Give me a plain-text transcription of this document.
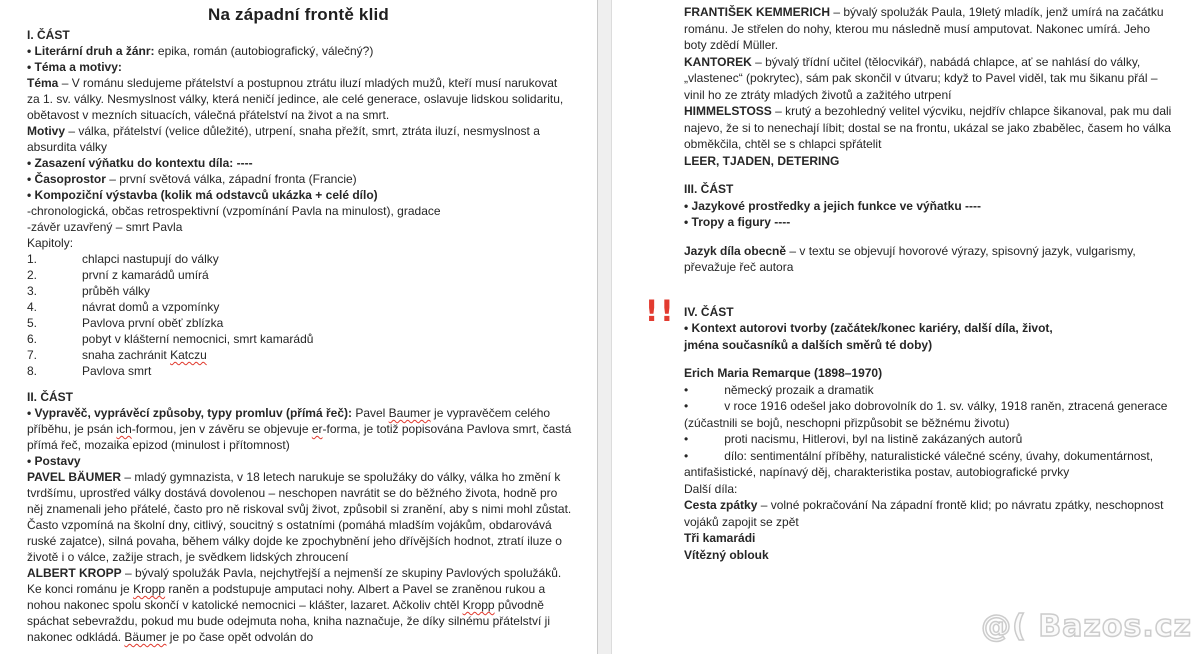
Na západní frontě klid
I. ČÁST
• Literární druh a žánr: epika, román (autobiografický, válečný?)
• Téma a motivy:
Téma – V románu sledujeme přátelství a postupnou ztrátu iluzí mladých mužů, kteří musí narukovat za 1. sv. války. Nesmyslnost války, která neničí jedince, ale celé generace, oslavuje lidskou solidaritu, obětavost v mezních situacích, válečná přátelství na život a na smrt.
Motivy – válka, přátelství (velice důležité), utrpení, snaha přežít, smrt, ztráta iluzí, nesmyslnost a absurdita války
• Zasazení výňatku do kontextu díla: ----
• Časoprostor – první světová válka, západní fronta (Francie)
• Kompoziční výstavba (kolik má odstavců ukázka + celé dílo)
-chronologická, občas retrospektivní (vzpomínání Pavla na minulost), gradace
-závěr uzavřený – smrt Pavla
Kapitoly:
1.	chlapci nastupují do války
2.	první z kamarádů umírá
3.	průběh války
4.	návrat domů a vzpomínky
5.	Pavlova první oběť zblízka
6.	pobyt v klášterní nemocnici, smrt kamarádů
7.	snaha zachránit Katczu
8.	Pavlova smrt
II. ČÁST
• Vypravěč, vyprávěcí způsoby, typy promluv (přímá řeč): Pavel Baumer je vypravěčem celého příběhu, je psán ich-formou, jen v závěru se objevuje er-forma, je totiž popisována Pavlova smrt, častá přímá řeč, mozaika epizod (minulost i přítomnost)
• Postavy
PAVEL BÄUMER – mladý gymnazista, v 18 letech narukuje se spolužáky do války, válka ho změní k tvrdšímu, uprostřed války dostává dovolenou – neschopen navrátit se do běžného života, hodně pro něj znamenali jeho přátelé, často pro ně riskoval svůj život, způsobil si zranění, aby s nimi mohl zůstat. Často vzpomíná na školní dny, citlivý, soucitný s ostatními (pomáhá mladším vojákům, obdarovává ruské zajatce), silná povaha, během války dojde ke zpochybnění jeho dřívějších hodnot, ztratí iluze o životě i o válce, zažije strach, je svědkem lidských zhroucení
ALBERT KROPP – bývalý spolužák Pavla, nejchytřejší a nejmenší ze skupiny Pavlových spolužáků. Ke konci románu je Kropp raněn a podstupuje amputaci nohy. Albert a Pavel se zraněnou rukou a nohou nakonec spolu skončí v katolické nemocnici – klášter, lazaret. Ačkoliv chtěl Kropp původně spáchat sebevraždu, pokud mu bude odejmuta noha, kniha naznačuje, že díky silnému přátelství ji nakonec odkládá. Bäumer je po čase opět odvolán do
FRANTIŠEK KEMMERICH – bývalý spolužák Paula, 19letý mladík, jenž umírá na začátku románu. Je střelen do nohy, kterou mu následně musí amputovat. Nakonec umírá. Jeho boty zdědí Müller.
KANTOREK – bývalý třídní učitel (tělocvikář), nabádá chlapce, ať se nahlásí do války, „vlastenec“ (pokrytec), sám pak skončil v útvaru; když to Pavel viděl, tak mu šikanu přál – vinil ho ze ztráty mladých životů a zažitého utrpení
HIMMELSTOSS – krutý a bezohledný velitel výcviku, nejdřív chlapce šikanoval, pak mu dali najevo, že si to nenechají líbit; dostal se na frontu, ukázal se jako zbabělec, časem ho válka obměkčila, chtěl se s chlapci spřátelit
LEER, TJADEN, DETERING
III. ČÁST
• Jazykové prostředky a jejich funkce ve výňatku ----
• Tropy a figury ----
Jazyk díla obecně – v textu se objevují hovorové výrazy, spisovný jazyk, vulgarismy, převažuje řeč autora
IV. ČÁST
• Kontext autorovi tvorby (začátek/konec kariéry, další díla, život,
jména současníků a dalších směrů té doby)
Erich Maria Remarque (1898–1970)
•	německý prozaik a dramatik
•	v roce 1916 odešel jako dobrovolník do 1. sv. války, 1918 raněn, ztracená generace (zúčastnili se bojů, neschopni přizpůsobit se běžnému životu)
•	proti nacismu, Hitlerovi, byl na listině zakázaných autorů
•	dílo: sentimentální příběhy, naturalistické válečné scény, úvahy, dokumentárnost, antifašistické, napínavý děj, charakteristika postav, autobiografické prvky
Další díla:
Cesta zpátky – volné pokračování Na západní frontě klid; po návratu zpátky, neschopnost vojáků zapojit se zpět
Tři kamarádi
Vítězný oblouk
!!
@( Bazos.cz
